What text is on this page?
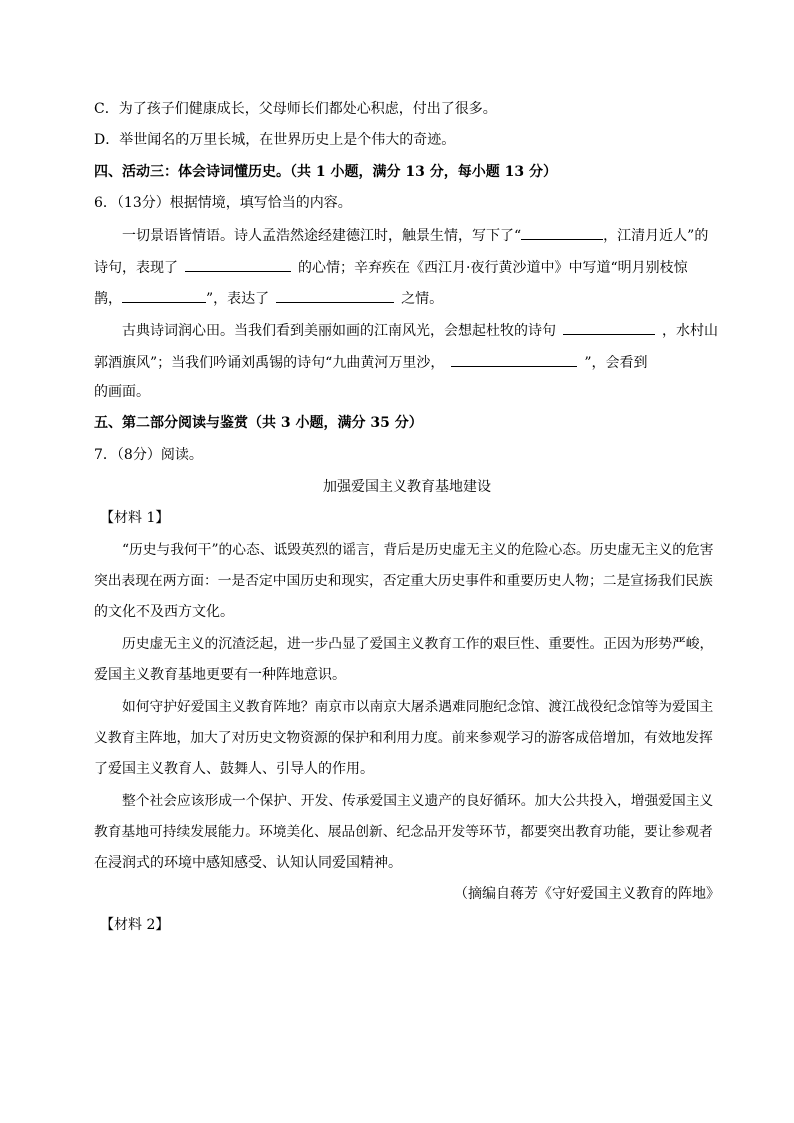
C．为了孩子们健康成长，父母师长们都处心积虑，付出了很多。
D．举世闻名的万里长城，在世界历史上是个伟大的奇迹。
四、活动三：体会诗词懂历史。（共 1 小题，满分 13 分，每小题 13 分）
6．（13分）根据情境，填写恰当的内容。
一切景语皆情语。诗人孟浩然途经建德江时，触景生情，写下了“	，江清月近人”的
诗句，表现了  	的心情；辛弃疾在《西江月·夜行黄沙道中》中写道“明月别枝惊
鹊，	”，表达了  	之情。
古典诗词润心田。当我们看到美丽如画的江南风光，会想起杜牧的诗句  	，水村山
郭酒旗风”；当我们吟诵刘禹锡的诗句“九曲黄河万里沙，  	”，会看到
的画面。
五、第二部分阅读与鉴赏（共 3 小题，满分 35 分）
7．（8分）阅读。
加强爱国主义教育基地建设
【材料 1】
“历史与我何干”的心态、诋毁英烈的谣言，背后是历史虚无主义的危险心态。历史虚无主义的危害
突出表现在两方面：一是否定中国历史和现实，否定重大历史事件和重要历史人物；二是宣扬我们民族
的文化不及西方文化。
历史虚无主义的沉渣泛起，进一步凸显了爱国主义教育工作的艰巨性、重要性。正因为形势严峻，
爱国主义教育基地更要有一种阵地意识。
如何守护好爱国主义教育阵地？南京市以南京大屠杀遇难同胞纪念馆、渡江战役纪念馆等为爱国主
义教育主阵地，加大了对历史文物资源的保护和利用力度。前来参观学习的游客成倍增加，有效地发挥
了爱国主义教育人、鼓舞人、引导人的作用。
整个社会应该形成一个保护、开发、传承爱国主义遗产的良好循环。加大公共投入，增强爱国主义
教育基地可持续发展能力。环境美化、展品创新、纪念品开发等环节，都要突出教育功能，要让参观者
在浸润式的环境中感知感受、认知认同爱国精神。
（摘编自蒋芳《守好爱国主义教育的阵地》
【材料 2】
